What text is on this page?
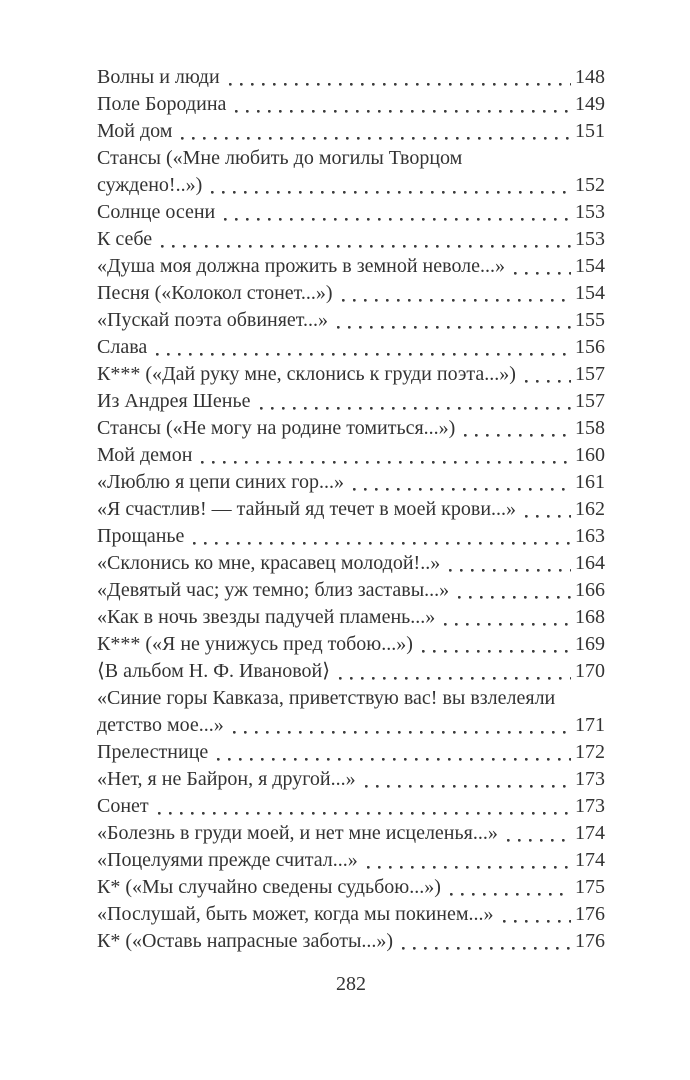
Волны и люди	148
Поле Бородина	149
Мой дом	151
Стансы («Мне любить до могилы Творцом
суждено!..»)	152
Солнце осени	153
К себе	153
«Душа моя должна прожить в земной неволе...»	154
Песня («Колокол стонет...»)	154
«Пускай поэта обвиняет...»	155
Слава	156
К*** («Дай руку мне, склонись к груди поэта...»)	157
Из Андрея Шенье	157
Стансы («Не могу на родине томиться...»)	158
Мой демон	160
«Люблю я цепи синих гор...»	161
«Я счастлив! — тайный яд течет в моей крови...»	162
Прощанье	163
«Склонись ко мне, красавец молодой!..»	164
«Девятый час; уж темно; близ заставы...»	166
«Как в ночь звезды падучей пламень...»	168
К*** («Я не унижусь пред тобою...»)	169
⟨В альбом Н. Ф. Ивановой⟩	170
«Синие горы Кавказа, приветствую вас! вы взлелеяли
детство мое...»	171
Прелестнице	172
«Нет, я не Байрон, я другой...»	173
Сонет	173
«Болезнь в груди моей, и нет мне исцеленья...»	174
«Поцелуями прежде считал...»	174
К* («Мы случайно сведены судьбою...»)	175
«Послушай, быть может, когда мы покинем...»	176
К* («Оставь напрасные заботы...»)	176
282
